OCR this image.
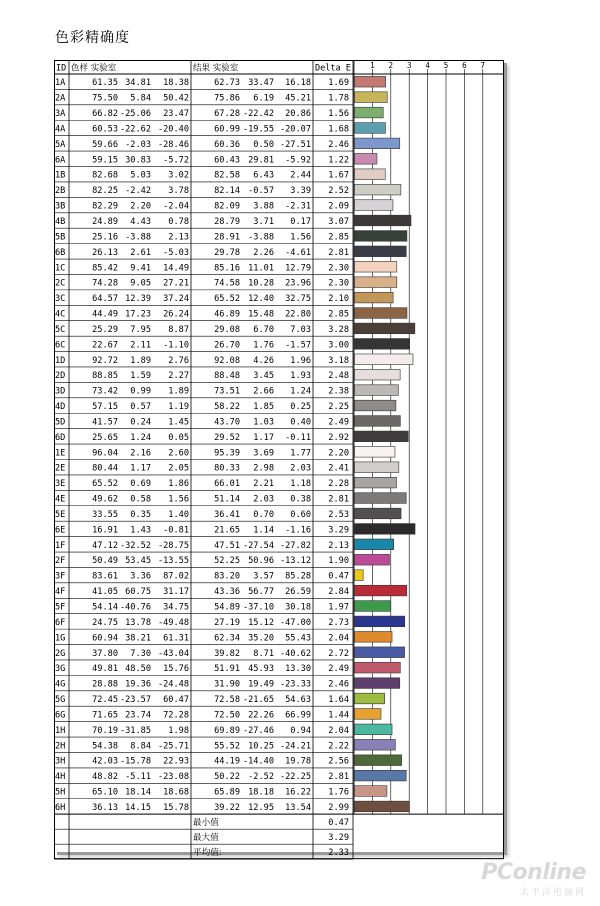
色彩精确度
ID 色样 实验室	结果 实验室	Delta E	1 2 3 4 5 6 7
1A	61.35 34.81 18.38	62.73 33.47 16.18 1.69
2A	75.50 5.84 50.42	75.86 6.19 45.21 1.78
3A	66.82 -25.06 23.47	67.28 -22.42 20.86 1.56
4A	60.53 -22.62 -20.40	60.99 -19.55 -20.07 1.68
5A	59.66 -2.03 -28.46	60.36 0.50 -27.51 2.46
6A	59.15 30.83 -5.72	60.43 29.81 -5.92 1.22
1B	82.68 5.03 3.02	82.58 6.43 2.44 1.67
2B	82.25 -2.42 3.78	82.14 -0.57 3.39 2.52
3B	82.29 2.20 -2.04	82.09 3.88 -2.31 2.09
4B	24.89 4.43 0.78	28.79 3.71 0.17 3.07
5B	25.16 -3.88 2.13	28.91 -3.88 1.56 2.85
6B	26.13 2.61 -5.03	29.78 2.26 -4.61 2.81
1C	85.42 9.41 14.49	85.16 11.01 12.79 2.30
2C	74.28 9.05 27.21	74.58 10.28 23.96 2.30
3C	64.57 12.39 37.24	65.52 12.40 32.75 2.10
4C	44.49 17.23 26.24	46.89 15.48 22.80 2.85
5C	25.29 7.95 8.87	29.08 6.70 7.03 3.28
6C	22.67 2.11 -1.10	26.70 1.76 -1.57 3.00
1D	92.72 1.89 2.76	92.08 4.26 1.96 3.18
2D	88.85 1.59 2.27	88.48 3.45 1.93 2.48
3D	73.42 0.99 1.89	73.51 2.66 1.24 2.38
4D	57.15 0.57 1.19	58.22 1.85 0.25 2.25
5D	41.57 0.24 1.45	43.70 1.03 0.40 2.49
6D	25.65 1.24 0.05	29.52 1.17 -0.11 2.92
1E	96.04 2.16 2.60	95.39 3.69 1.77 2.20
2E	80.44 1.17 2.05	80.33 2.98 2.03 2.41
3E	65.52 0.69 1.86	66.01 2.21 1.18 2.28
4E	49.62 0.58 1.56	51.14 2.03 0.38 2.81
5E	33.55 0.35 1.40	36.41 0.70 0.60 2.53
6E	16.91 1.43 -0.81	21.65 1.14 -1.16 3.29
1F	47.12 -32.52 -28.75	47.51 -27.54 -27.82 2.13
2F	50.49 53.45 -13.55	52.25 50.96 -13.12 1.90
3F	83.61 3.36 87.02	83.20 3.57 85.28 0.47
4F	41.05 60.75 31.17	43.36 56.77 26.59 2.84
5F	54.14 -40.76 34.75	54.89 -37.10 30.18 1.97
6F	24.75 13.78 -49.48	27.19 15.12 -47.00 2.73
1G	60.94 38.21 61.31	62.34 35.20 55.43 2.04
2G	37.80 7.30 -43.04	39.82 8.71 -40.62 2.72
3G	49.81 48.50 15.76	51.91 45.93 13.30 2.49
4G	28.88 19.36 -24.48	31.90 19.49 -23.33 2.46
5G	72.45 -23.57 60.47	72.58 -21.65 54.63 1.64
6G	71.65 23.74 72.28	72.50 22.26 66.99 1.44
1H	70.19 -31.85 1.98	69.89 -27.46 0.94 2.04
2H	54.38 8.84 -25.71	55.52 10.25 -24.21 2.22
3H	42.03 -15.78 22.93	44.19 -14.40 19.78 2.56
4H	48.82 -5.11 -23.08	50.22 -2.52 -22.25 2.81
5H	65.10 18.14 18.68	65.89 18.18 16.22 1.76
6H	36.13 14.15 15.78	39.22 12.95 13.54 2.99
最小值	0.47
最大值	3.29
平均值:	2.33
PConline
太平洋电脑网
